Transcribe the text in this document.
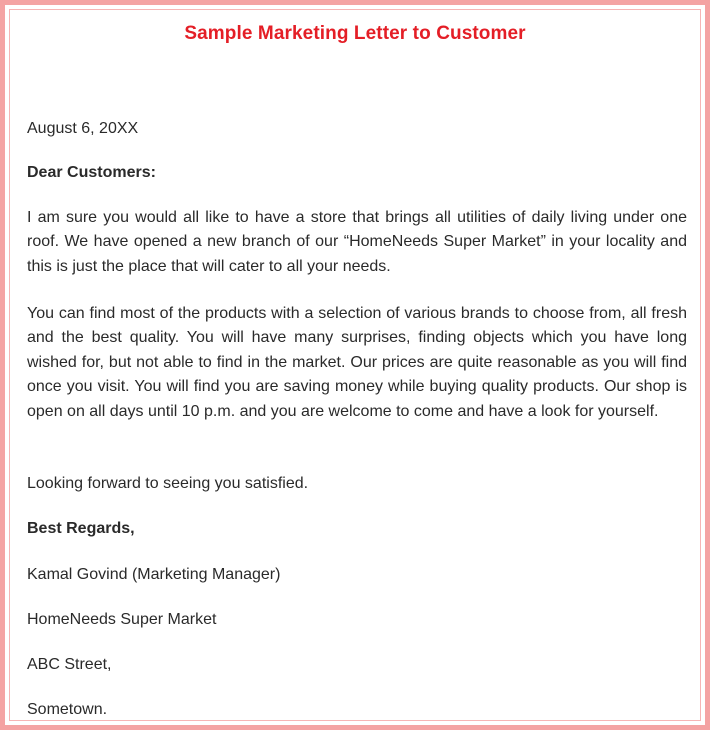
Sample Marketing Letter to Customer
August 6, 20XX
Dear Customers:
I am sure you would all like to have a store that brings all utilities of daily living under one roof. We have opened a new branch of our “HomeNeeds Super Market” in your locality and this is just the place that will cater to all your needs.
You can find most of the products with a selection of various brands to choose from, all fresh and the best quality. You will have many surprises, finding objects which you have long wished for, but not able to find in the market. Our prices are quite reasonable as you will find once you visit. You will find you are saving money while buying quality products. Our shop is open on all days until 10 p.m. and you are welcome to come and have a look for yourself.
Looking forward to seeing you satisfied.
Best Regards,
Kamal Govind (Marketing Manager)
HomeNeeds Super Market
ABC Street,
Sometown.
